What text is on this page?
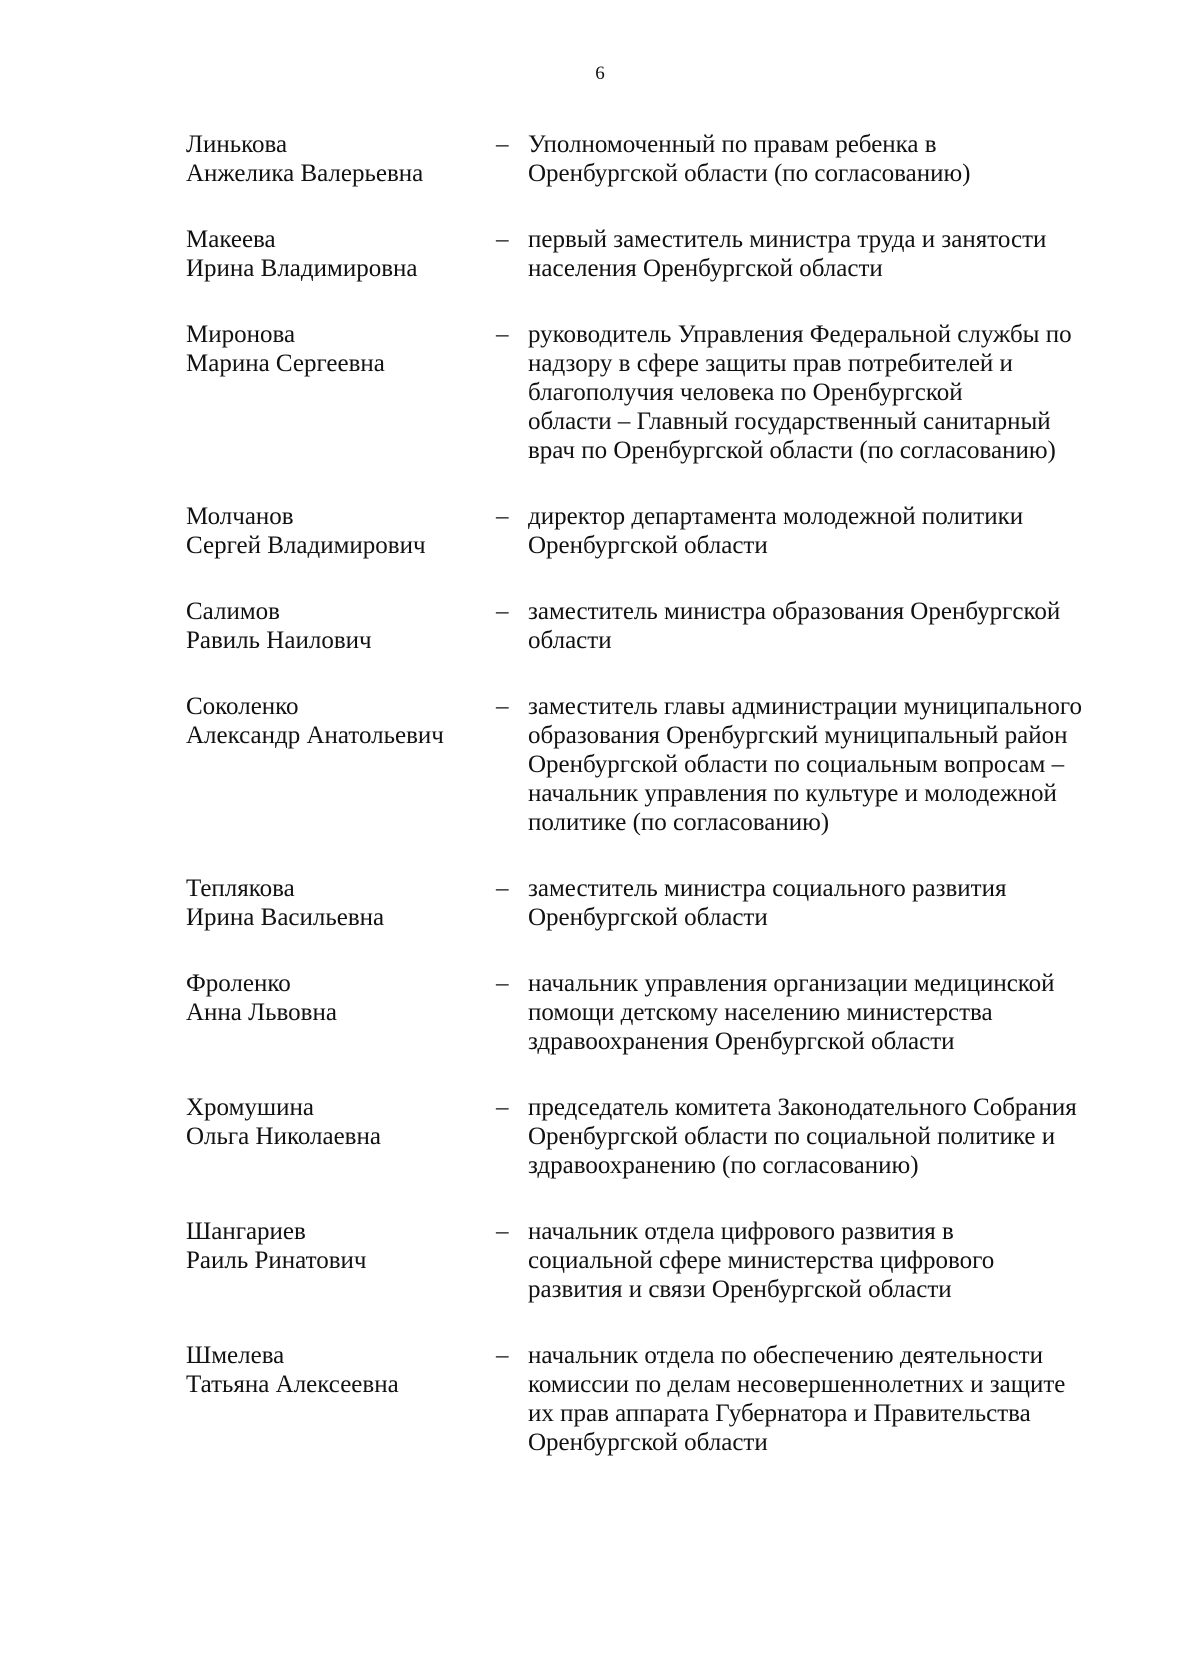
6
Линькова
Анжелика Валерьевна
– Уполномоченный по правам ребенка в
Оренбургской области (по согласованию)
Макеева
Ирина Владимировна
– первый заместитель министра труда и занятости
населения Оренбургской области
Миронова
Марина Сергеевна
– руководитель Управления Федеральной службы по
надзору в сфере защиты прав потребителей и
благополучия человека по Оренбургской
области – Главный государственный санитарный
врач по Оренбургской области (по согласованию)
Молчанов
Сергей Владимирович
– директор департамента молодежной политики
Оренбургской области
Салимов
Равиль Наилович
– заместитель министра образования Оренбургской
области
Соколенко
Александр Анатольевич
– заместитель главы администрации муниципального
образования Оренбургский муниципальный район
Оренбургской области по социальным вопросам –
начальник управления по культуре и молодежной
политике (по согласованию)
Теплякова
Ирина Васильевна
– заместитель министра социального развития
Оренбургской области
Фроленко
Анна Львовна
– начальник управления организации медицинской
помощи детскому населению министерства
здравоохранения Оренбургской области
Хромушина
Ольга Николаевна
– председатель комитета Законодательного Собрания
Оренбургской области по социальной политике и
здравоохранению (по согласованию)
Шангариев
Раиль Ринатович
– начальник отдела цифрового развития в
социальной сфере министерства цифрового
развития и связи Оренбургской области
Шмелева
Татьяна Алексеевна
– начальник отдела по обеспечению деятельности
комиссии по делам несовершеннолетних и защите
их прав аппарата Губернатора и Правительства
Оренбургской области
